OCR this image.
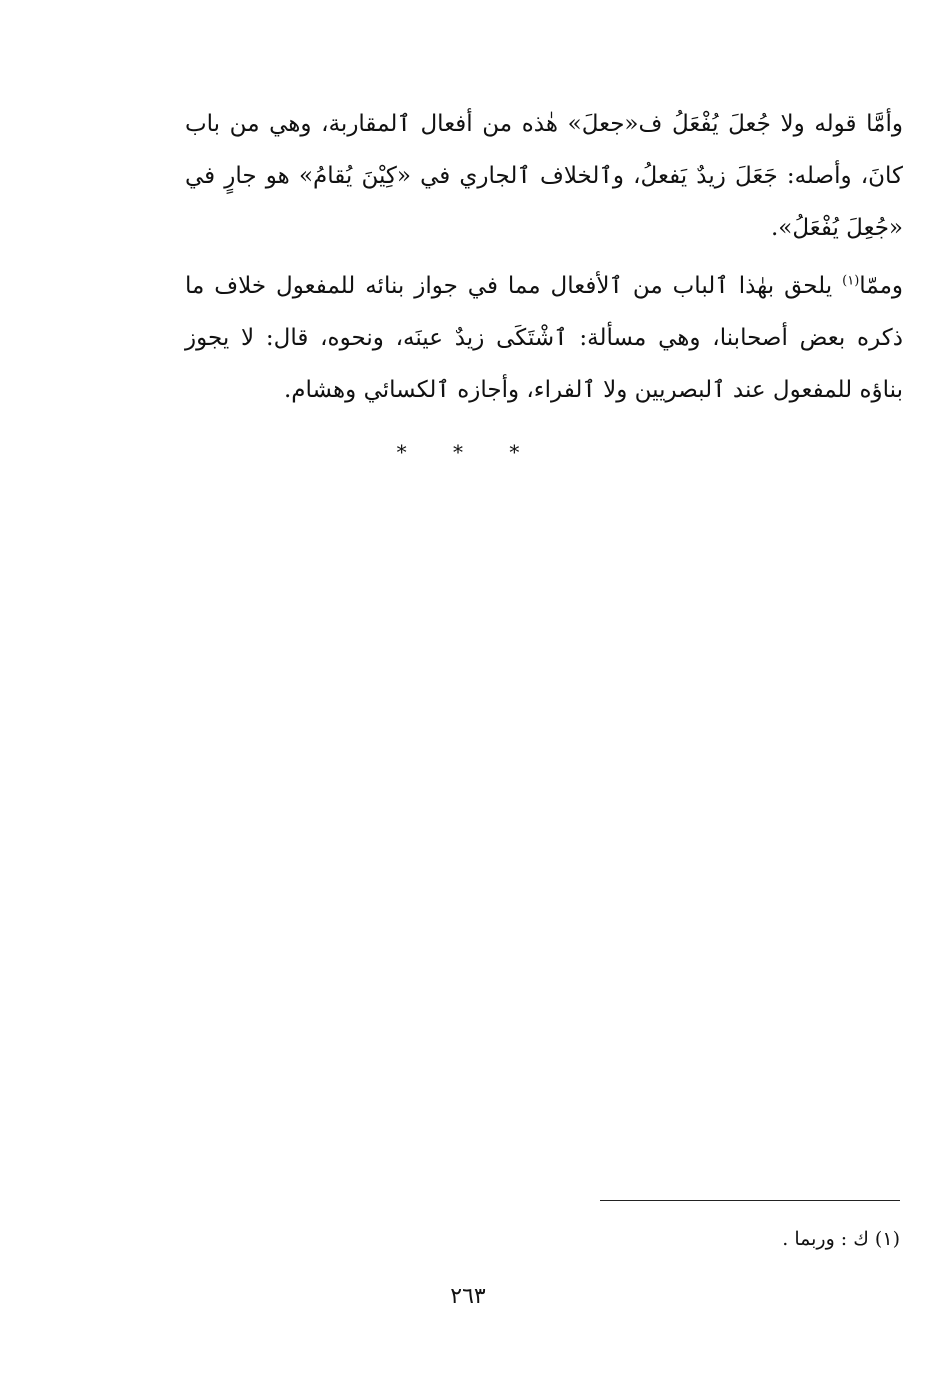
وأمَّا قوله ولا جُعلَ يُفْعَلُ ف«جعلَ» هٰذه من أفعال ٱلمقاربة، وهي من باب كانَ، وأصله: جَعَلَ زيدٌ يَفعلُ، وٱلخلاف ٱلجاري في «كِيْنَ يُقامُ» هو جارٍ في «جُعِلَ يُفْعَلُ».

وممّا$^{(١)}$ يلحق بهٰذا ٱلباب من ٱلأفعال مما في جواز بنائه للمفعول خلاف ما ذكره بعض أصحابنا، وهي مسألة: ٱشْتَكَى زيدٌ عينَه، ونحوه، قال: لا يجوز بناؤه للمفعول عند ٱلبصريين ولا ٱلفراء، وأجازه ٱلكسائي وهشام.

* * *
(١) ك : وربما .
٢٦٣
